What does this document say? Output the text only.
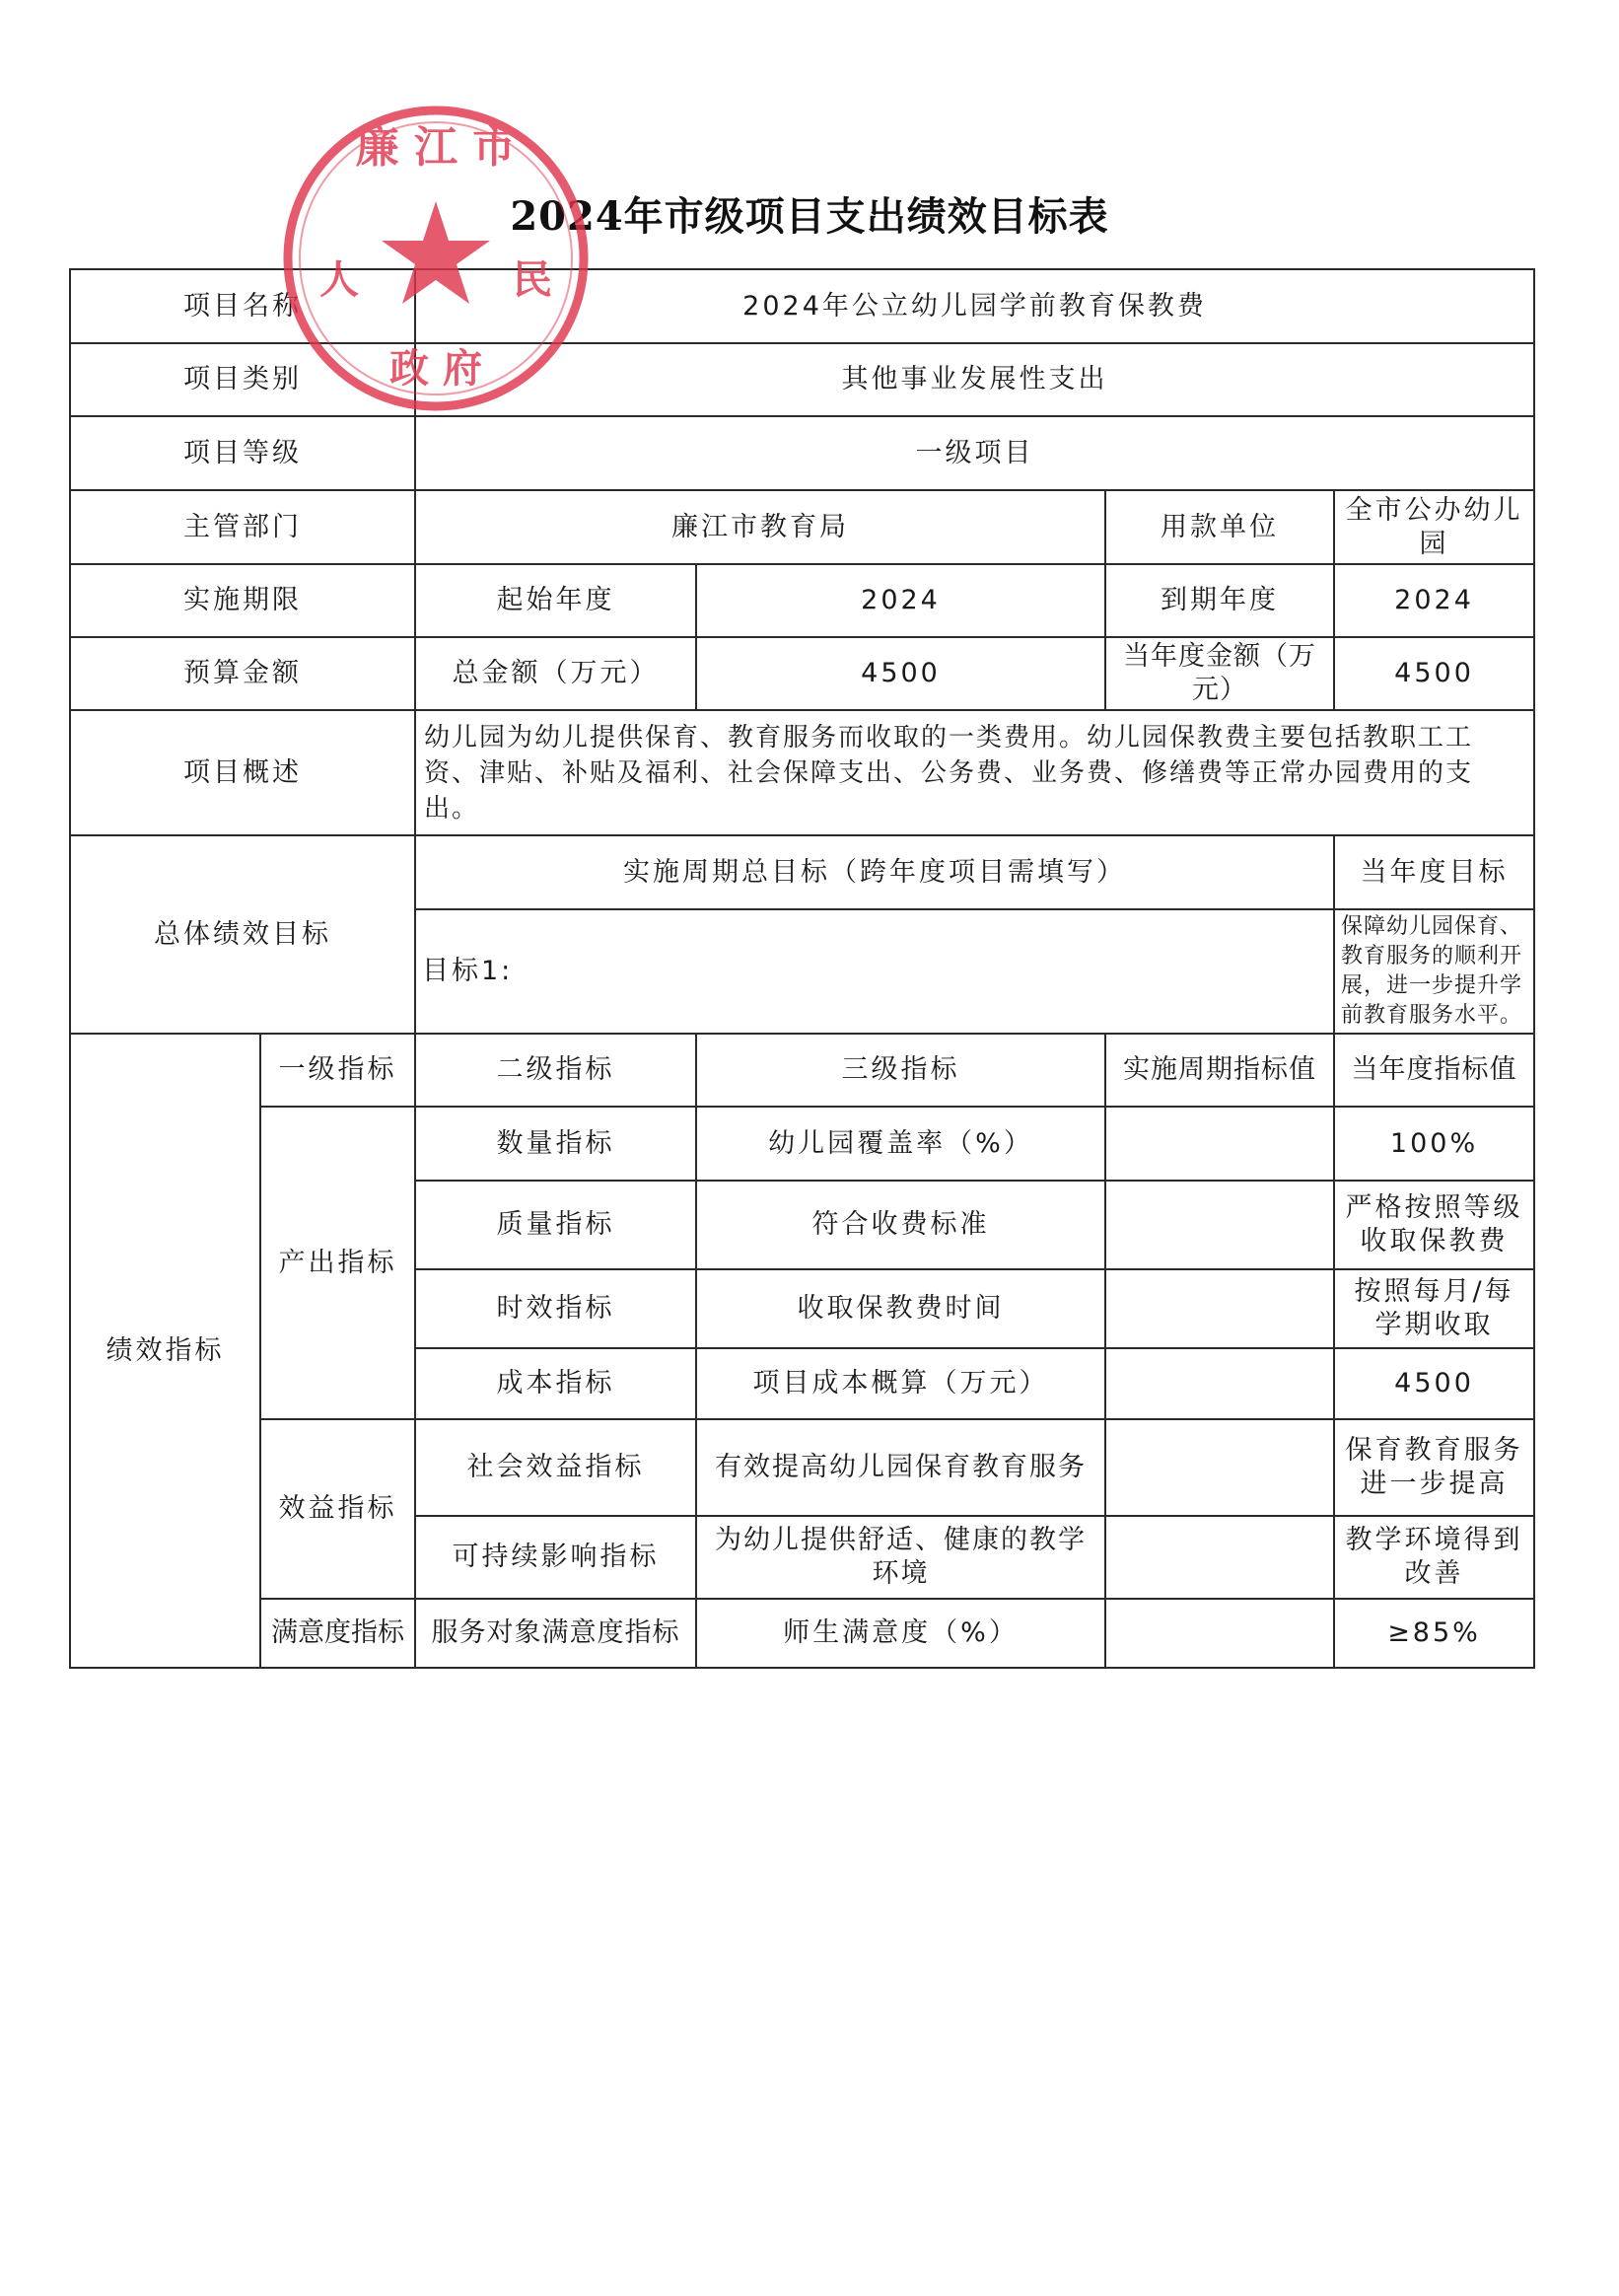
2024年市级项目支出绩效目标表
项目名称		2024年公立幼儿园学前教育保教费			
项目类别		其他事业发展性支出			
项目等级		一级项目			
主管部门		廉江市教育局		用款单位	全市公办幼儿园
实施期限		起始年度	2024	到期年度	2024
预算金额		总金额（万元）	4500	当年度金额（万元）	4500
项目概述		幼儿园为幼儿提供保育、教育服务而收取的一类费用。幼儿园保教费主要包括教职工工资、津贴、补贴及福利、社会保障支出、公务费、业务费、修缮费等正常办园费用的支出。			
总体绩效目标		实施周期总目标（跨年度项目需填写）			当年度目标
		目标1:			保障幼儿园保育、教育服务的顺利开展，进一步提升学前教育服务水平。
绩效指标	一级指标	二级指标	三级指标	实施周期指标值	当年度指标值
	产出指标	数量指标	幼儿园覆盖率（%）		100%
		质量指标	符合收费标准		严格按照等级收取保教费
		时效指标	收取保教费时间		按照每月/每学期收取
		成本指标	项目成本概算（万元）		4500
	效益指标	社会效益指标	有效提高幼儿园保育教育服务		保育教育服务进一步提高
		可持续影响指标	为幼儿提供舒适、健康的教学环境		教学环境得到改善
	满意度指标	服务对象满意度指标	师生满意度（%）		≥85%
廉 江 市
人	民
政 府
